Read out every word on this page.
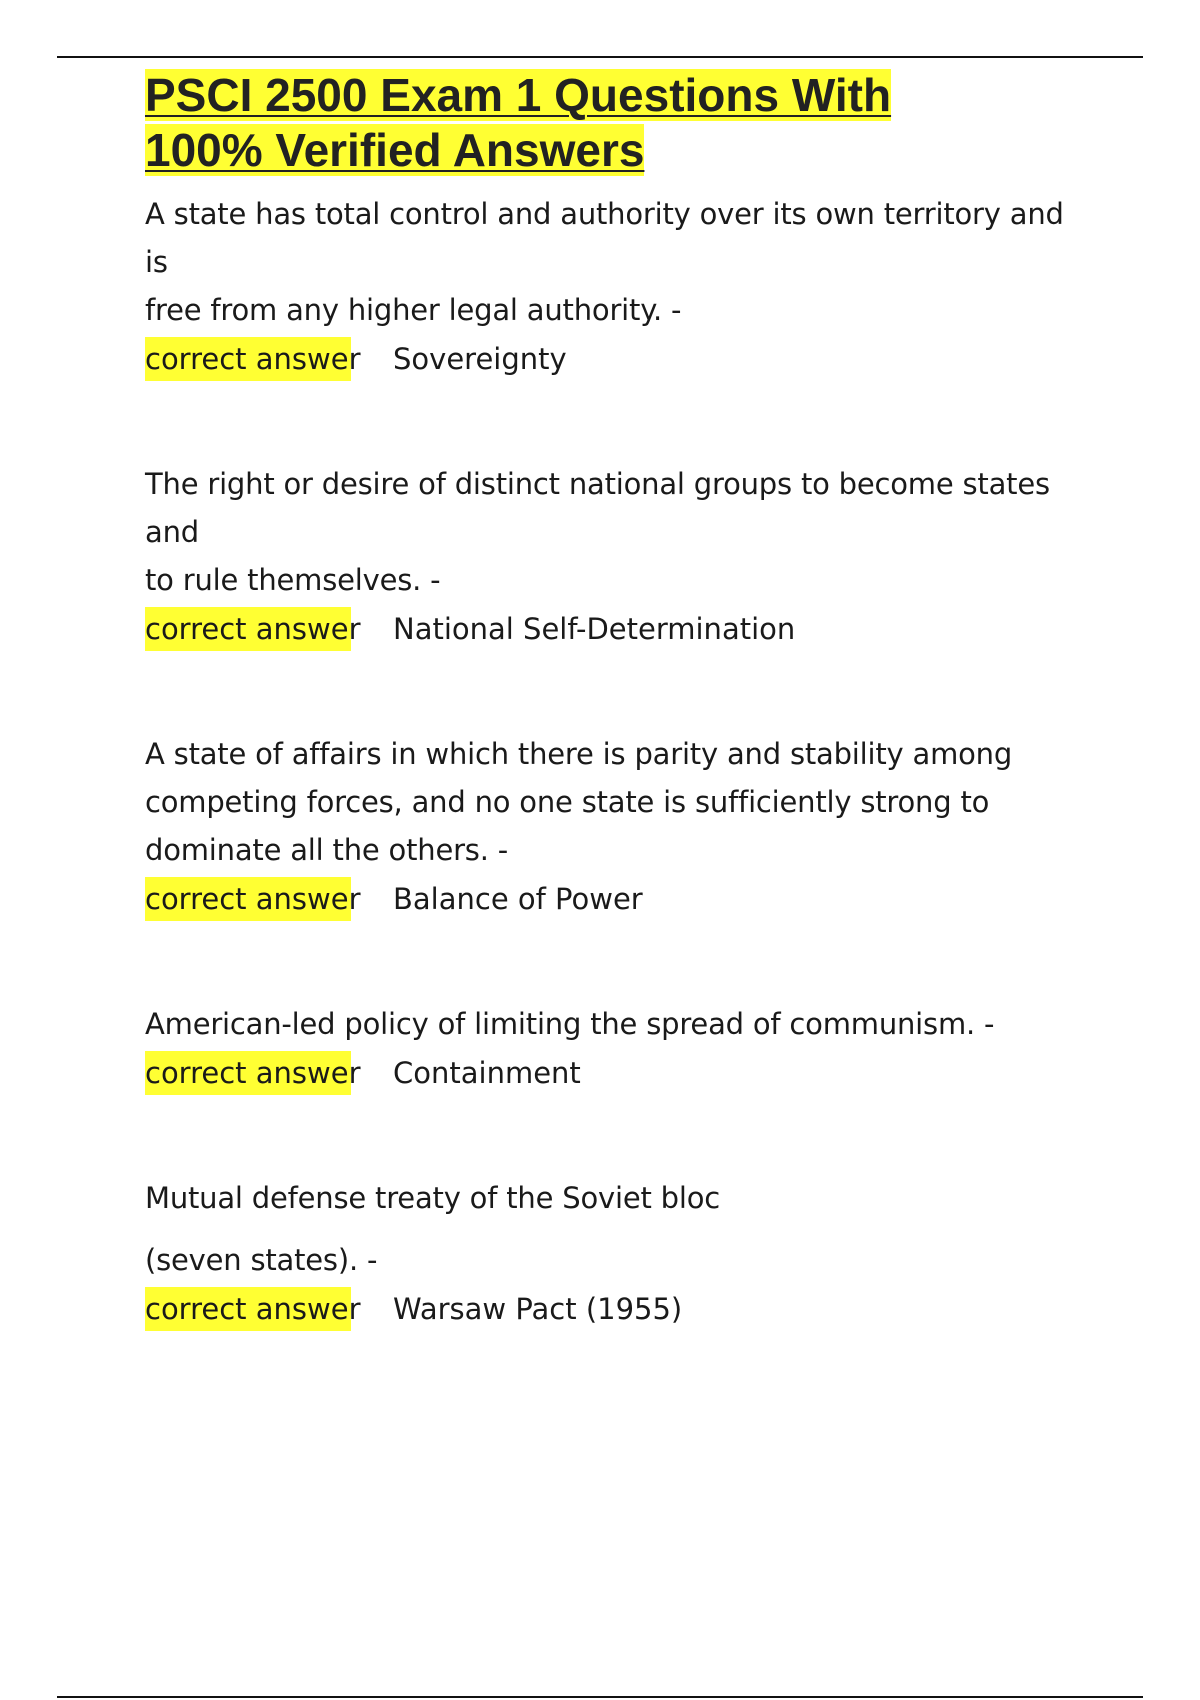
PSCI 2500 Exam 1 Questions With
100% Verified Answers

A state has total control and authority over its own territory and is

free from any higher legal authority. -

correct answer Sovereignty

The right or desire of distinct national groups to become states and

to rule themselves. -

correct answer National Self-Determination

A state of affairs in which there is parity and stability among

competing forces, and no one state is sufficiently strong to

dominate all the others. -

correct answer Balance of Power

American-led policy of limiting the spread of communism. -

correct answer Containment

Mutual defense treaty of the Soviet bloc

(seven states). -

correct answer Warsaw Pact (1955)
